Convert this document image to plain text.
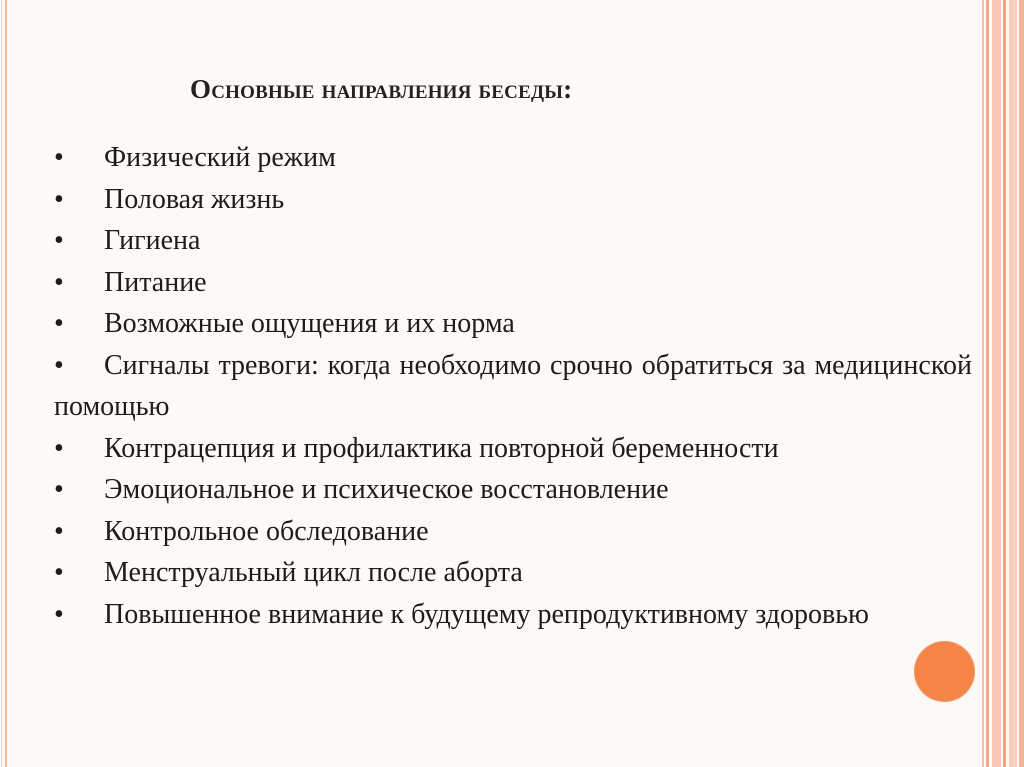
Основные направления беседы:
•	Физический режим
•	Половая жизнь
•	Гигиена
•	Питание
•	Возможные ощущения и их норма
• Сигналы тревоги: когда необходимо срочно обратиться за медицинской помощью
•	Контрацепция и профилактика повторной беременности
•	Эмоциональное и психическое восстановление
•	Контрольное обследование
•	Менструальный цикл после аборта
• Повышенное внимание к будущему репродуктивному здоровью
